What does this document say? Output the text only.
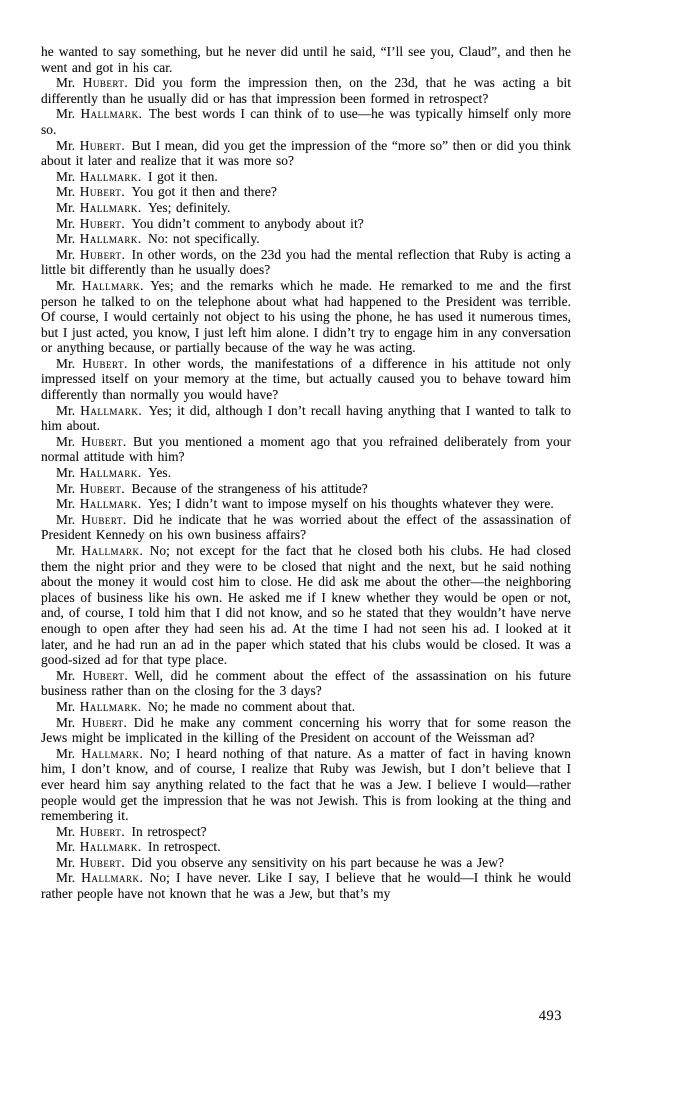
he wanted to say something, but he never did until he said, “I’ll see you, Claud”, and then he went and got in his car.

Mr. Hubert. Did you form the impression then, on the 23d, that he was acting a bit differently than he usually did or has that impression been formed in retrospect?

Mr. Hallmark. The best words I can think of to use—he was typically himself only more so.

Mr. Hubert. But I mean, did you get the impression of the “more so” then or did you think about it later and realize that it was more so?

Mr. Hallmark. I got it then.

Mr. Hubert. You got it then and there?

Mr. Hallmark. Yes; definitely.

Mr. Hubert. You didn’t comment to anybody about it?

Mr. Hallmark. No: not specifically.

Mr. Hubert. In other words, on the 23d you had the mental reflection that Ruby is acting a little bit differently than he usually does?

Mr. Hallmark. Yes; and the remarks which he made. He remarked to me and the first person he talked to on the telephone about what had happened to the President was terrible. Of course, I would certainly not object to his using the phone, he has used it numerous times, but I just acted, you know, I just left him alone. I didn’t try to engage him in any conversation or anything because, or partially because of the way he was acting.

Mr. Hubert. In other words, the manifestations of a difference in his attitude not only impressed itself on your memory at the time, but actually caused you to behave toward him differently than normally you would have?

Mr. Hallmark. Yes; it did, although I don’t recall having anything that I wanted to talk to him about.

Mr. Hubert. But you mentioned a moment ago that you refrained deliberately from your normal attitude with him?

Mr. Hallmark. Yes.

Mr. Hubert. Because of the strangeness of his attitude?

Mr. Hallmark. Yes; I didn’t want to impose myself on his thoughts whatever they were.

Mr. Hubert. Did he indicate that he was worried about the effect of the assassination of President Kennedy on his own business affairs?

Mr. Hallmark. No; not except for the fact that he closed both his clubs. He had closed them the night prior and they were to be closed that night and the next, but he said nothing about the money it would cost him to close. He did ask me about the other—the neighboring places of business like his own. He asked me if I knew whether they would be open or not, and, of course, I told him that I did not know, and so he stated that they wouldn’t have nerve enough to open after they had seen his ad. At the time I had not seen his ad. I looked at it later, and he had run an ad in the paper which stated that his clubs would be closed. It was a good-sized ad for that type place.

Mr. Hubert. Well, did he comment about the effect of the assassination on his future business rather than on the closing for the 3 days?

Mr. Hallmark. No; he made no comment about that.

Mr. Hubert. Did he make any comment concerning his worry that for some reason the Jews might be implicated in the killing of the President on account of the Weissman ad?

Mr. Hallmark. No; I heard nothing of that nature. As a matter of fact in having known him, I don’t know, and of course, I realize that Ruby was Jewish, but I don’t believe that I ever heard him say anything related to the fact that he was a Jew. I believe I would—rather people would get the impression that he was not Jewish. This is from looking at the thing and remembering it.

Mr. Hubert. In retrospect?

Mr. Hallmark. In retrospect.

Mr. Hubert. Did you observe any sensitivity on his part because he was a Jew?

Mr. Hallmark. No; I have never. Like I say, I believe that he would—I think he would rather people have not known that he was a Jew, but that’s my

493
